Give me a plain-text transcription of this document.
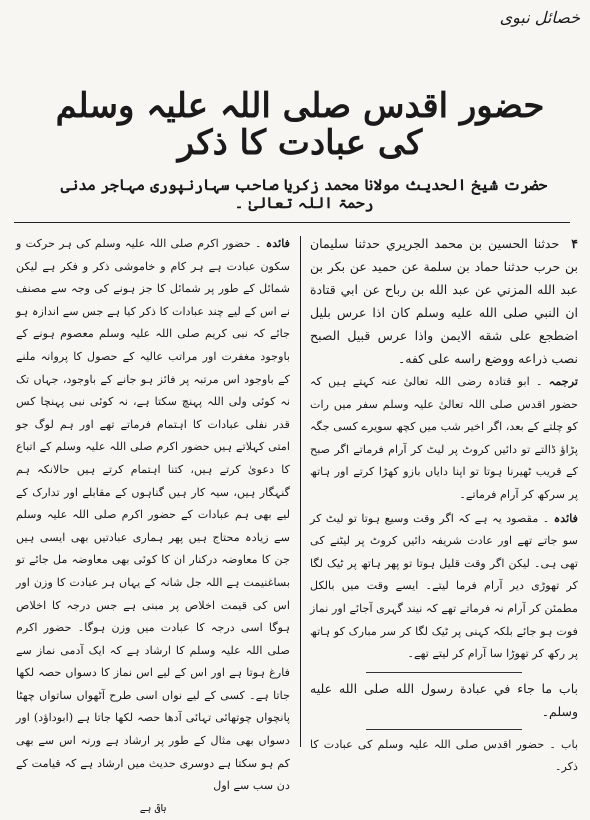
خصائل نبوی
حضور اقدس صلی اللہ علیہ وسلم کی عبادت کا ذکر
حضرت شیخ الحدیث مولانا محمد زکریا صاحب سہارنپوری مہاجر مدنی رحمۃ اللہ تعالیٰ ۔

۴ حدثنا الحسين بن محمد الجريري حدثنا سليمان بن حرب حدثنا حماد بن سلمة عن حميد عن بكر بن عبد الله المزني عن عبد الله بن رباح عن ابي قتادة ان النبي صلى الله عليه وسلم كان اذا عرس بليل اضطجع على شقه الايمن واذا عرس قبيل الصبح نصب ذراعه ووضع راسه على كفه۔

ترجمہ ۔ ابو قتادہ رضی اللہ تعالیٰ عنہ کہتے ہیں کہ حضور اقدس صلی اللہ تعالیٰ علیہ وسلم سفر میں رات کو چلتے کے بعد، اگر اخیر شب میں کچھ سویرے کسی جگہ پڑاؤ ڈالتے تو دائیں کروٹ پر لیٹ کر آرام فرماتے اگر صبح کے قریب ٹھیرنا ہوتا تو اپنا دایاں بازو کھڑا کرتے اور ہاتھ پر سرکھ کر آرام فرماتے۔

فائدہ ۔ مقصود یہ ہے کہ اگر وقت وسیع ہوتا تو لیٹ کر سو جاتے تھے اور عادت شریفہ دائیں کروٹ پر لیٹنے کی تھی ہی۔ لیکن اگر وقت قلیل ہوتا تو پھر ہاتھ پر ٹیک لگا کر تھوڑی دیر آرام فرما لیتے۔ ایسے وقت میں بالکل مطمئن کر آرام نہ فرماتے تھے کہ نیند گہری آجائے اور نماز فوت ہو جائے بلکہ کہنی پر ٹیک لگا کر سر مبارک کو ہاتھ پر رکھ کر تھوڑا سا آرام کر لیتے تھے۔

باب ما جاء في عبادة رسول الله صلى الله عليه وسلم۔

باب ۔ حضور اقدس صلی اللہ علیہ وسلم کی عبادت کا ذکر۔

فائدہ ۔ حضور اکرم صلی اللہ علیہ وسلم کی ہر حرکت و سکون عبادت ہے ہر کام و خاموشی ذکر و فکر ہے لیکن شمائل کے طور پر شمائل کا جز ہونے کی وجہ سے مصنف نے اس کے لیے چند عبادات کا ذکر کیا ہے جس سے اندازہ ہو جائے کہ نبی کریم صلی اللہ علیہ وسلم معصوم ہونے کے باوجود مغفرت اور مراتب عالیہ کے حصول کا پروانہ ملنے کے باوجود اس مرتبہ پر فائز ہو جانے کے باوجود، جہاں تک نہ کوئی ولی اللہ پہنچ سکتا ہے، نہ کوئی نبی پہنچا کس قدر نفلی عبادات کا اہتمام فرماتے تھے اور ہم لوگ جو امتی کہلاتے ہیں حضور اکرم صلی اللہ علیہ وسلم کے اتباع کا دعویٰ کرتے ہیں، کتنا اہتمام کرتے ہیں حالانکہ ہم گنہگار ہیں، سیہ کار ہیں گناہوں کے مقابلے اور تدارک کے لیے بھی ہم عبادات کے حضور اکرم صلی اللہ علیہ وسلم سے زیادہ محتاج ہیں پھر ہماری عبادتیں بھی ایسی ہیں جن کا معاوضہ درکنار ان کا کوئی بھی معاوضہ مل جائے تو بساغنیمت ہے اللہ جل شانہ کے یہاں ہر عبادت کا وزن اور اس کی قیمت اخلاص پر مبنی ہے جس درجہ کا اخلاص ہوگا اسی درجہ کا عبادت میں وزن ہوگا۔ حضور اکرم صلی اللہ علیہ وسلم کا ارشاد ہے کہ ایک آدمی نماز سے فارغ ہوتا ہے اور اس کے لیے اس نماز کا دسواں حصہ لکھا جاتا ہے۔ کسی کے لیے نواں اسی طرح آٹھواں ساتواں چھٹا پانچواں چوتھائی تہائی آدھا حصہ لکھا جاتا ہے (ابوداؤد) اور دسواں بھی مثال کے طور پر ارشاد ہے ورنہ اس سے بھی کم ہو سکتا ہے دوسری حدیث میں ارشاد ہے کہ قیامت کے دن سب سے اول

باقی ہے
